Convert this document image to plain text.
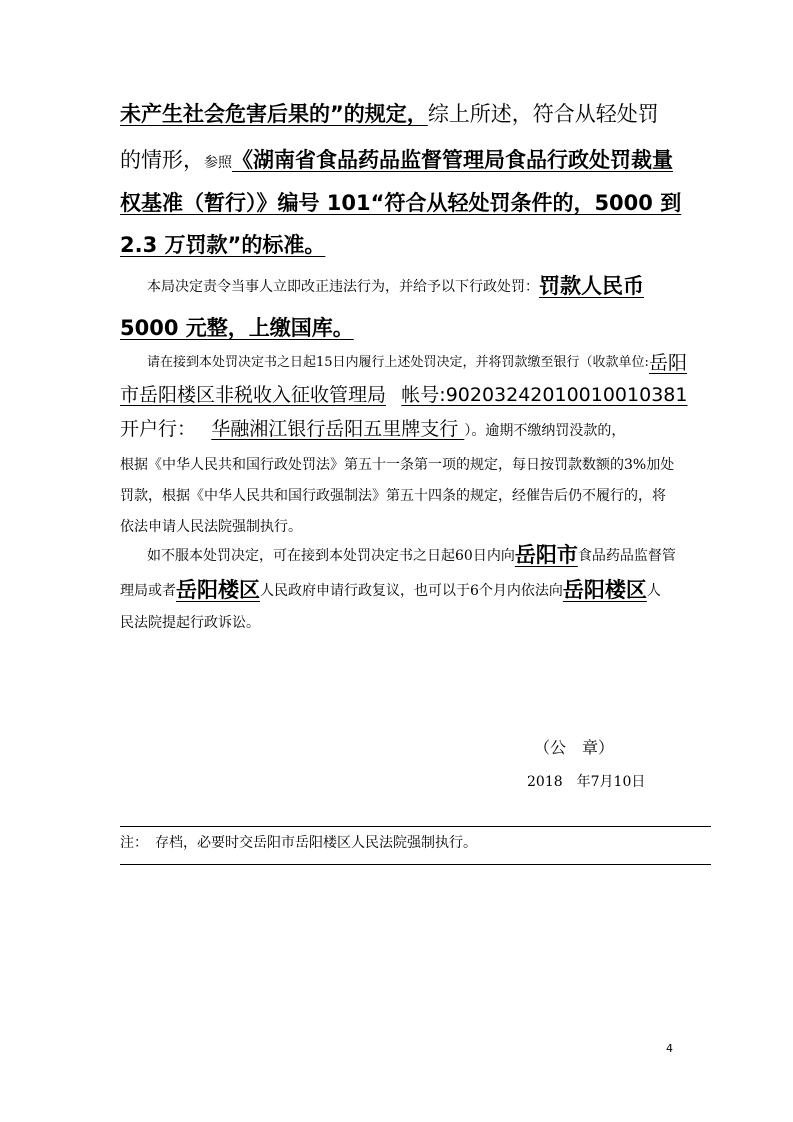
未产生社会危害后果的”的规定，综上所述，符合从轻处罚
的情形，参照《湖南省食品药品监督管理局食品行政处罚裁量
权基准（暂行）》编号 101“符合从轻处罚条件的，5000 到
2.3 万罚款”的标准。
本局决定责令当事人立即改正违法行为，并给予以下行政处罚：罚款人民币
5000 元整，上缴国库。
请在接到本处罚决定书之日起15日内履行上述处罚决定，并将罚款缴至银行（收款单位:岳阳
市岳阳楼区非税收入征收管理局 帐号:90203242010010010381
开户行： 华融湘江银行岳阳五里牌支行 ）。逾期不缴纳罚没款的，
根据《中华人民共和国行政处罚法》第五十一条第一项的规定，每日按罚款数额的3%加处
罚款，根据《中华人民共和国行政强制法》第五十四条的规定，经催告后仍不履行的，将
依法申请人民法院强制执行。
如不服本处罚决定，可在接到本处罚决定书之日起60日内向岳阳市食品药品监督管
理局或者岳阳楼区人民政府申请行政复议，也可以于6个月内依法向岳阳楼区人
民法院提起行政诉讼。
（公　章）
2018　年7月10日
注：　存档，必要时交岳阳市岳阳楼区人民法院强制执行。
4
